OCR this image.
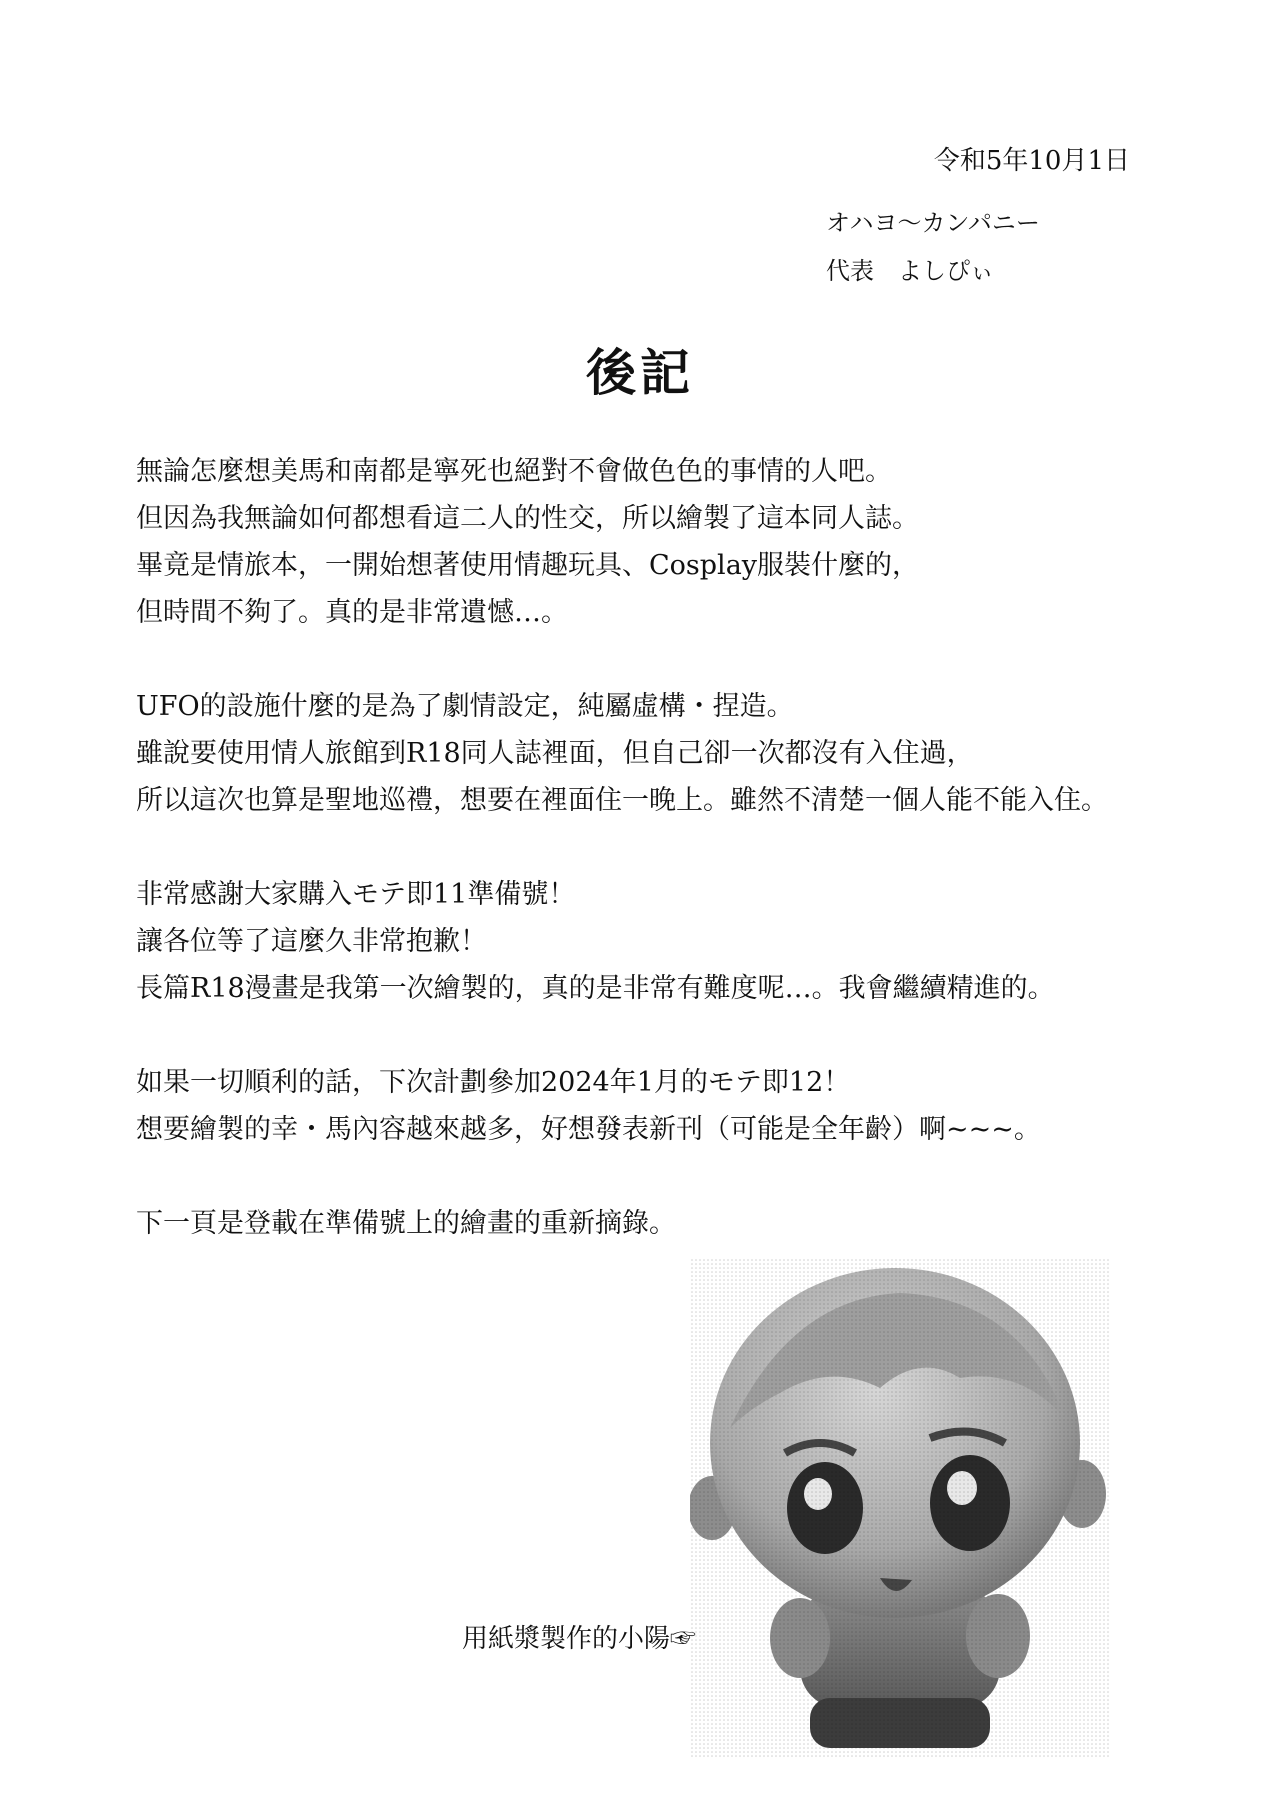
令和5年10月1日
オハヨ〜カンパニー
代表　よしぴぃ
後記

無論怎麼想美馬和南都是寧死也絕對不會做色色的事情的人吧。
但因為我無論如何都想看這二人的性交，所以繪製了這本同人誌。
畢竟是情旅本，一開始想著使用情趣玩具、Cosplay服裝什麼的，
但時間不夠了。真的是非常遺憾…。

UFO的設施什麼的是為了劇情設定，純屬虛構・捏造。
雖說要使用情人旅館到R18同人誌裡面，但自己卻一次都沒有入住過，
所以這次也算是聖地巡禮，想要在裡面住一晚上。雖然不清楚一個人能不能入住。

非常感謝大家購入モテ即11準備號！
讓各位等了這麼久非常抱歉！
長篇R18漫畫是我第一次繪製的，真的是非常有難度呢…。我會繼續精進的。

如果一切順利的話，下次計劃參加2024年1月的モテ即12！
想要繪製的幸・馬內容越來越多，好想發表新刊（可能是全年齡）啊~~~。

下一頁是登載在準備號上的繪畫的重新摘錄。

用紙漿製作的小陽☞
